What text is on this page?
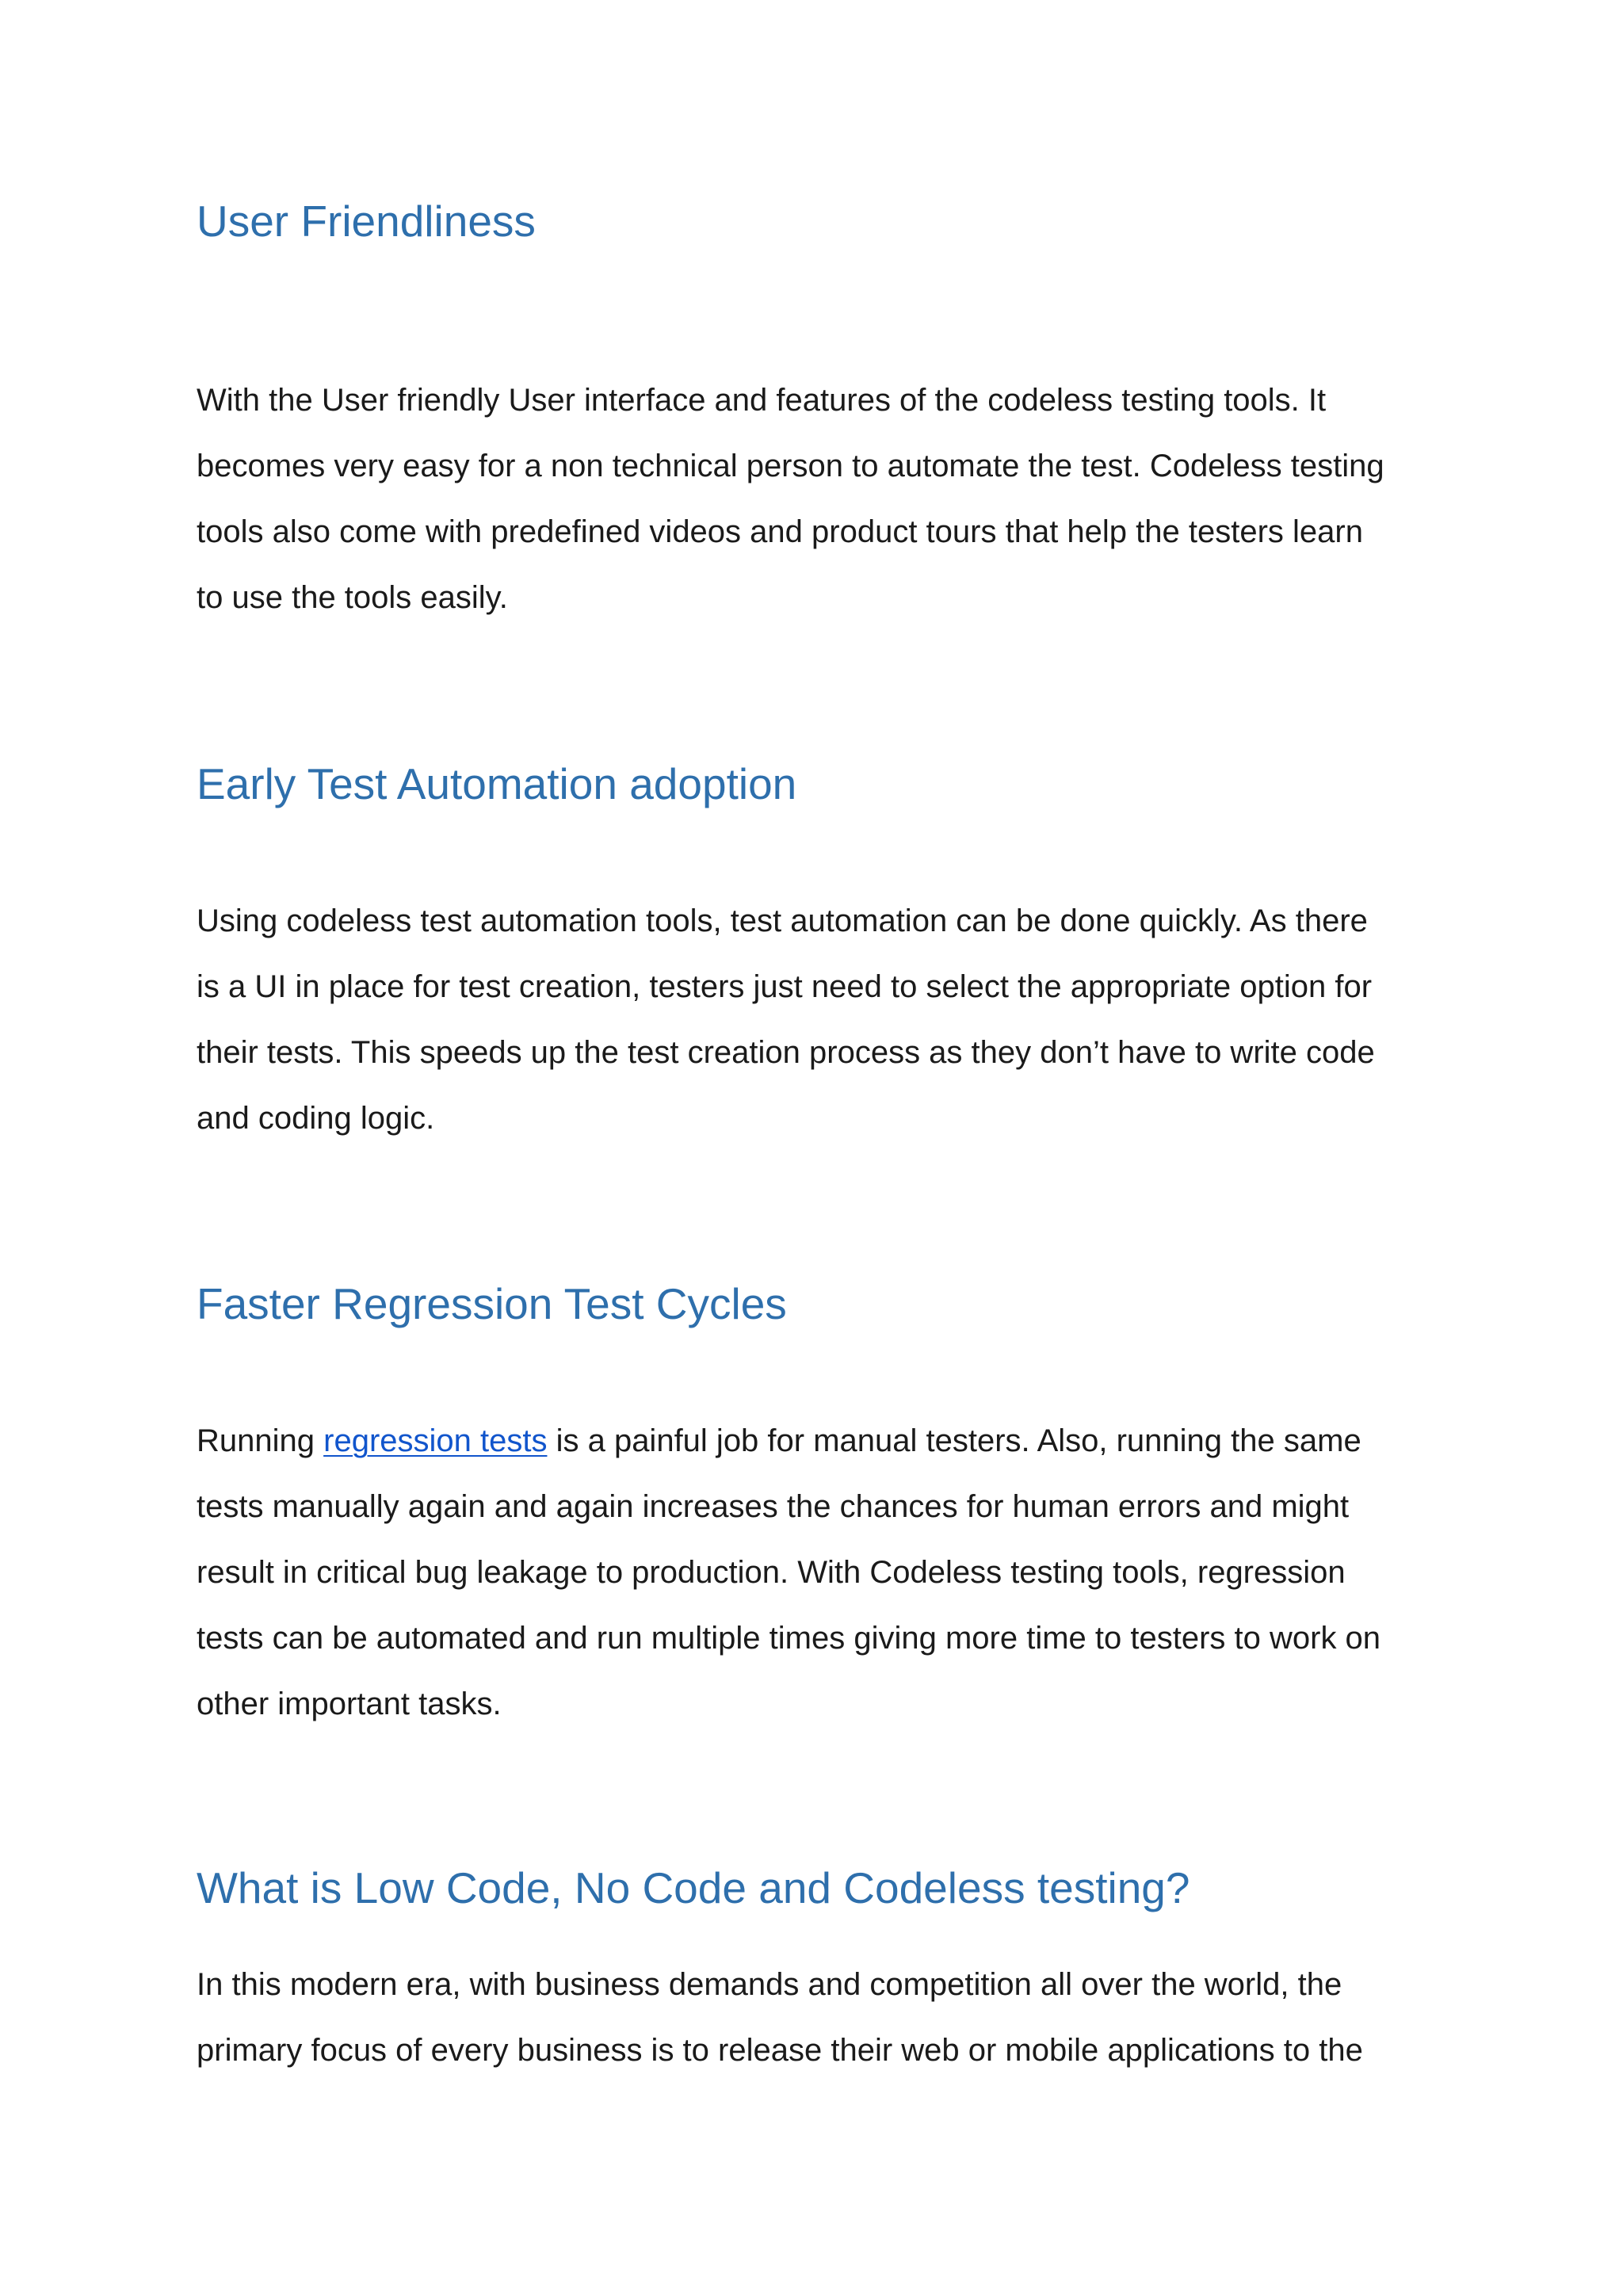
User Friendliness

With the User friendly User interface and features of the codeless testing tools. It
becomes very easy for a non technical person to automate the test. Codeless testing
tools also come with predefined videos and product tours that help the testers learn
to use the tools easily.

Early Test Automation adoption

Using codeless test automation tools, test automation can be done quickly. As there
is a UI in place for test creation, testers just need to select the appropriate option for
their tests. This speeds up the test creation process as they don’t have to write code
and coding logic.

Faster Regression Test Cycles

Running regression tests is a painful job for manual testers. Also, running the same
tests manually again and again increases the chances for human errors and might
result in critical bug leakage to production. With Codeless testing tools, regression
tests can be automated and run multiple times giving more time to testers to work on
other important tasks.

What is Low Code, No Code and Codeless testing?

In this modern era, with business demands and competition all over the world, the
primary focus of every business is to release their web or mobile applications to the
